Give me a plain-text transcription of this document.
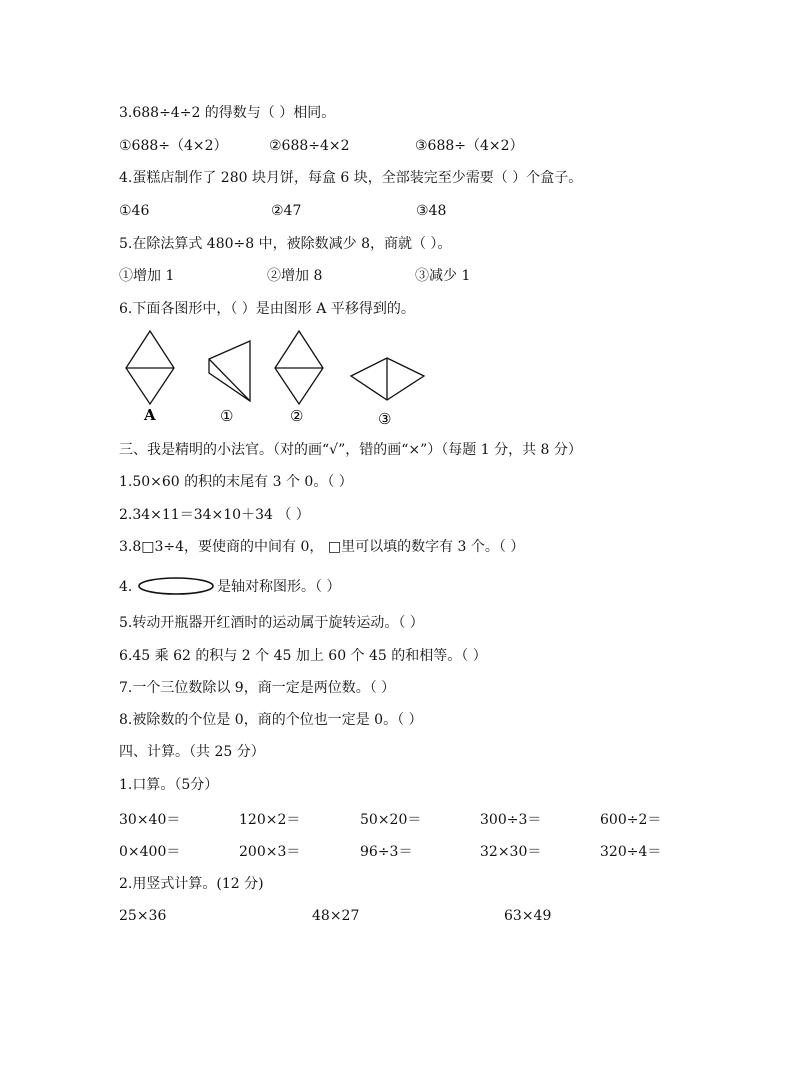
3.688÷4÷2 的得数与（ ）相同。
①688÷（4×2）	②688÷4×2	③688÷（4×2）
4.蛋糕店制作了 280 块月饼，每盒 6 块，全部装完至少需要（ ）个盒子。
①46	②47	③48
5.在除法算式 480÷8 中，被除数减少 8，商就（ ）。
①增加 1	②增加 8	③减少 1
6.下面各图形中，（ ）是由图形 A 平移得到的。
A	①	②	③
三、我是精明的小法官。（对的画“√”，错的画“×”）（每题 1 分，共 8 分）
1.50×60 的积的末尾有 3 个 0。（ ）
2.34×11＝34×10＋34 （ ）
3.8□3÷4，要使商的中间有 0， □里可以填的数字有 3 个。（ ）
4.	是轴对称图形。（ ）
5.转动开瓶器开红酒时的运动属于旋转运动。（ ）
6.45 乘 62 的积与 2 个 45 加上 60 个 45 的和相等。（ ）
7.一个三位数除以 9，商一定是两位数。（ ）
8.被除数的个位是 0，商的个位也一定是 0。（ ）
四、计算。（共 25 分）
1.口算。（5分）
30×40＝	120×2＝	50×20＝	300÷3＝	600÷2＝
0×400＝	200×3＝	96÷3＝	32×30＝	320÷4＝
2.用竖式计算。(12 分)
25×36	48×27	63×49
